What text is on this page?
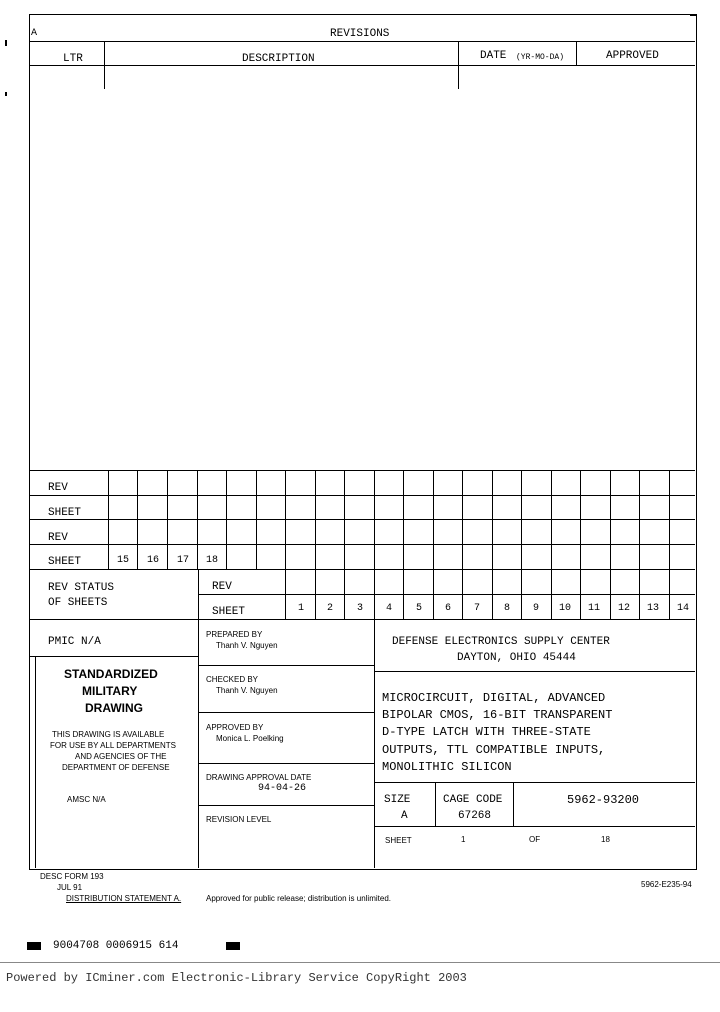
A	REVISIONS
LTR	DESCRIPTION	DATE (YR-MO-DA)	APPROVED
REV
SHEET
REV
SHEET	15 16 17 18
REV STATUS
OF SHEETS
REV
SHEET	1 2 3 4 5 6 7 8 9 10 11 12 13 14
PMIC N/A
STANDARDIZED
MILITARY
DRAWING
THIS DRAWING IS AVAILABLE
FOR USE BY ALL DEPARTMENTS
AND AGENCIES OF THE
DEPARTMENT OF DEFENSE
AMSC N/A
PREPARED BY
Thanh V. Nguyen
CHECKED BY
Thanh V. Nguyen
APPROVED BY
Monica L. Poelking
DRAWING APPROVAL DATE
94-04-26
REVISION LEVEL
DEFENSE ELECTRONICS SUPPLY CENTER
DAYTON, OHIO 45444
MICROCIRCUIT, DIGITAL, ADVANCED
BIPOLAR CMOS, 16-BIT TRANSPARENT
D-TYPE LATCH WITH THREE-STATE
OUTPUTS, TTL COMPATIBLE INPUTS,
MONOLITHIC SILICON
SIZE
A
CAGE CODE
67268
5962-93200
SHEET	1	OF	18
DESC FORM 193
JUL 91
DISTRIBUTION STATEMENT A.	Approved for public release; distribution is unlimited.
5962-E235-94
9004708 0006915 614
Powered by ICminer.com Electronic-Library Service CopyRight 2003
